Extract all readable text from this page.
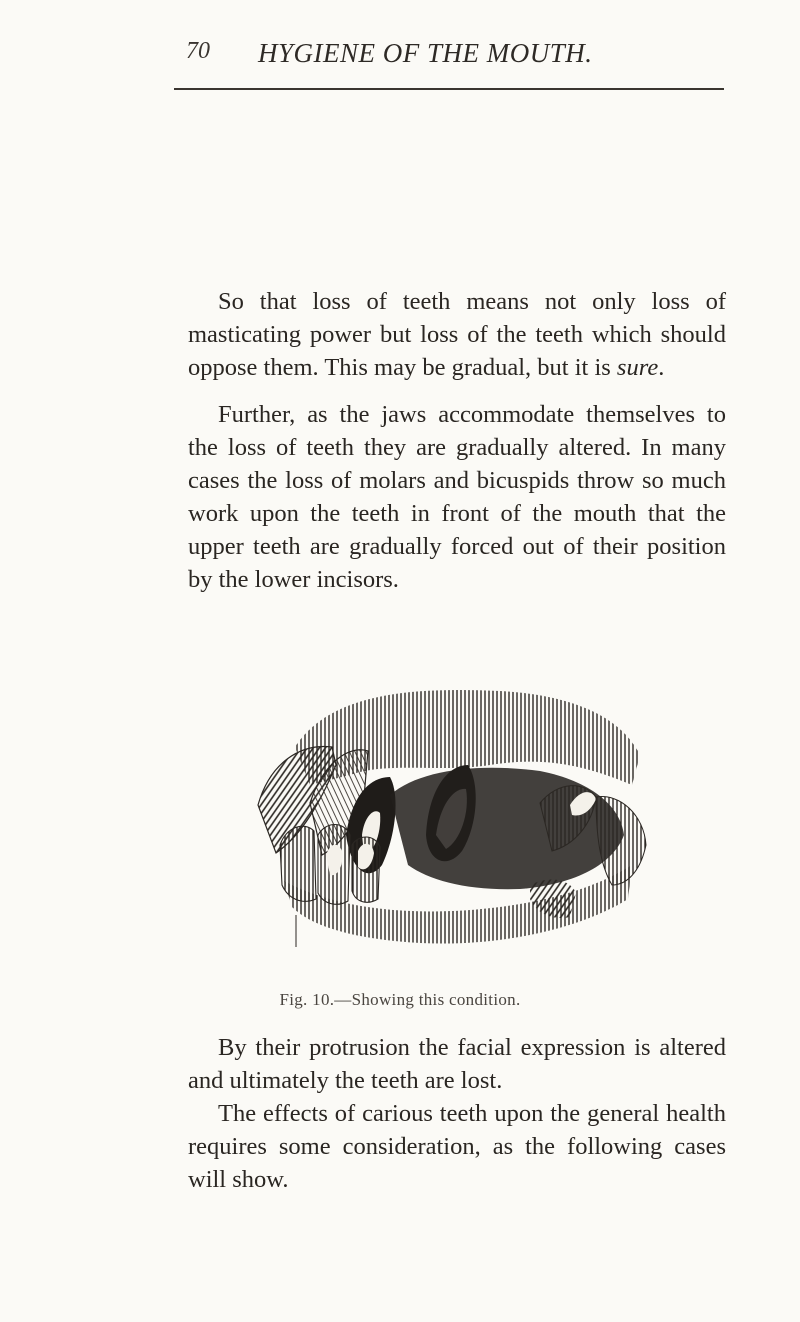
70 HYGIENE OF THE MOUTH.

So that loss of teeth means not only loss of masticating power but loss of the teeth which should oppose them. This may be gradual, but it is sure.

Further, as the jaws accommodate themselves to the loss of teeth they are gradually altered. In many cases the loss of molars and bicuspids throw so much work upon the teeth in front of the mouth that the upper teeth are gradually forced out of their position by the lower incisors.

Fig. 10.—Showing this condition.

By their protrusion the facial expression is altered and ultimately the teeth are lost.

The effects of carious teeth upon the general health requires some consideration, as the following cases will show.
